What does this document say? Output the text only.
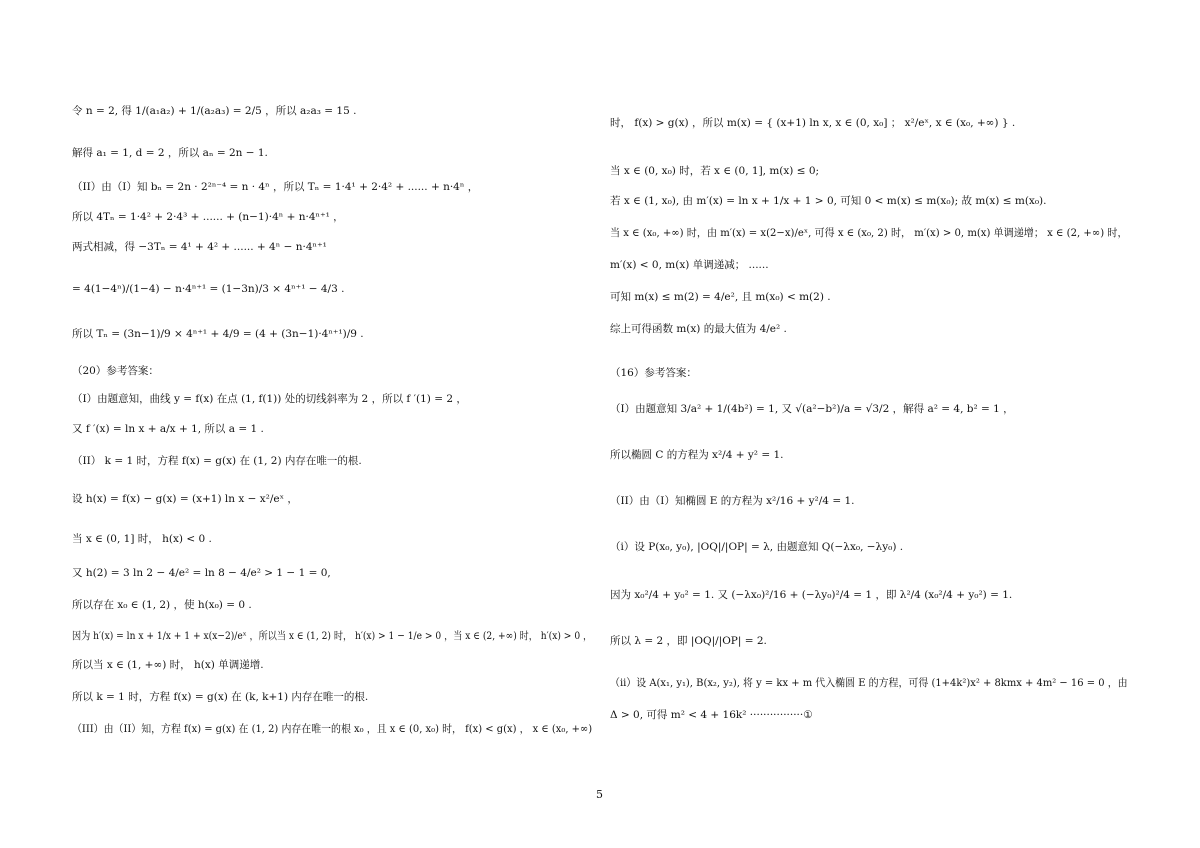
令 n = 2, 得 1/(a₁a₂) + 1/(a₂a₃) = 2/5 ，所以 a₂a₃ = 15 .
解得 a₁ = 1, d = 2 ，所以 aₙ = 2n − 1.
（II）由（I）知 bₙ = 2n · 2²ⁿ⁻⁴ = n · 4ⁿ ，所以 Tₙ = 1·4¹ + 2·4² + ...... + n·4ⁿ ，
所以 4Tₙ = 1·4² + 2·4³ + ...... + (n−1)·4ⁿ + n·4ⁿ⁺¹ ，
两式相减，得 −3Tₙ = 4¹ + 4² + ...... + 4ⁿ − n·4ⁿ⁺¹
= 4(1−4ⁿ)/(1−4) − n·4ⁿ⁺¹ = (1−3n)/3 × 4ⁿ⁺¹ − 4/3 .
所以 Tₙ = (3n−1)/9 × 4ⁿ⁺¹ + 4/9 = (4 + (3n−1)·4ⁿ⁺¹)/9 .
（20）参考答案：
（I）由题意知，曲线 y = f(x) 在点 (1, f(1)) 处的切线斜率为 2 ，所以 f ′(1) = 2 ，
又 f ′(x) = ln x + a/x + 1, 所以 a = 1 .
（II） k = 1 时，方程 f(x) = g(x) 在 (1, 2) 内存在唯一的根.
设 h(x) = f(x) − g(x) = (x+1) ln x − x²/eˣ ，
当 x ∈ (0, 1] 时， h(x) < 0 .
又 h(2) = 3 ln 2 − 4/e² = ln 8 − 4/e² > 1 − 1 = 0,
所以存在 x₀ ∈ (1, 2) ，使 h(x₀) = 0 .
因为 h′(x) = ln x + 1/x + 1 + x(x−2)/eˣ ，所以当 x ∈ (1, 2) 时， h′(x) > 1 − 1/e > 0 ，当 x ∈ (2, +∞) 时， h′(x) > 0 ，
所以当 x ∈ (1, +∞) 时， h(x) 单调递增.
所以 k = 1 时，方程 f(x) = g(x) 在 (k, k+1) 内存在唯一的根.
（III）由（II）知，方程 f(x) = g(x) 在 (1, 2) 内存在唯一的根 x₀ ，且 x ∈ (0, x₀) 时， f(x) < g(x) ， x ∈ (x₀, +∞)
时， f(x) > g(x) ，所以 m(x) = { (x+1) ln x, x ∈ (0, x₀] ； x²/eˣ, x ∈ (x₀, +∞) } .
当 x ∈ (0, x₀) 时，若 x ∈ (0, 1], m(x) ≤ 0;
若 x ∈ (1, x₀), 由 m′(x) = ln x + 1/x + 1 > 0, 可知 0 < m(x) ≤ m(x₀); 故 m(x) ≤ m(x₀).
当 x ∈ (x₀, +∞) 时，由 m′(x) = x(2−x)/eˣ, 可得 x ∈ (x₀, 2) 时， m′(x) > 0, m(x) 单调递增； x ∈ (2, +∞) 时，
m′(x) < 0, m(x) 单调递减； ......
可知 m(x) ≤ m(2) = 4/e², 且 m(x₀) < m(2) .
综上可得函数 m(x) 的最大值为 4/e² .
（16）参考答案：
（I）由题意知 3/a² + 1/(4b²) = 1, 又 √(a²−b²)/a = √3/2 ，解得 a² = 4, b² = 1 ，
所以椭圆 C 的方程为 x²/4 + y² = 1.
（II）由（I）知椭圆 E 的方程为 x²/16 + y²/4 = 1.
（i）设 P(x₀, y₀), |OQ|/|OP| = λ, 由题意知 Q(−λx₀, −λy₀) .
因为 x₀²/4 + y₀² = 1. 又 (−λx₀)²/16 + (−λy₀)²/4 = 1 ，即 λ²/4 (x₀²/4 + y₀²) = 1.
所以 λ = 2 ，即 |OQ|/|OP| = 2.
（ii）设 A(x₁, y₁), B(x₂, y₂), 将 y = kx + m 代入椭圆 E 的方程，可得 (1+4k²)x² + 8kmx + 4m² − 16 = 0 ，由
Δ > 0, 可得 m² < 4 + 16k² ················①
5
